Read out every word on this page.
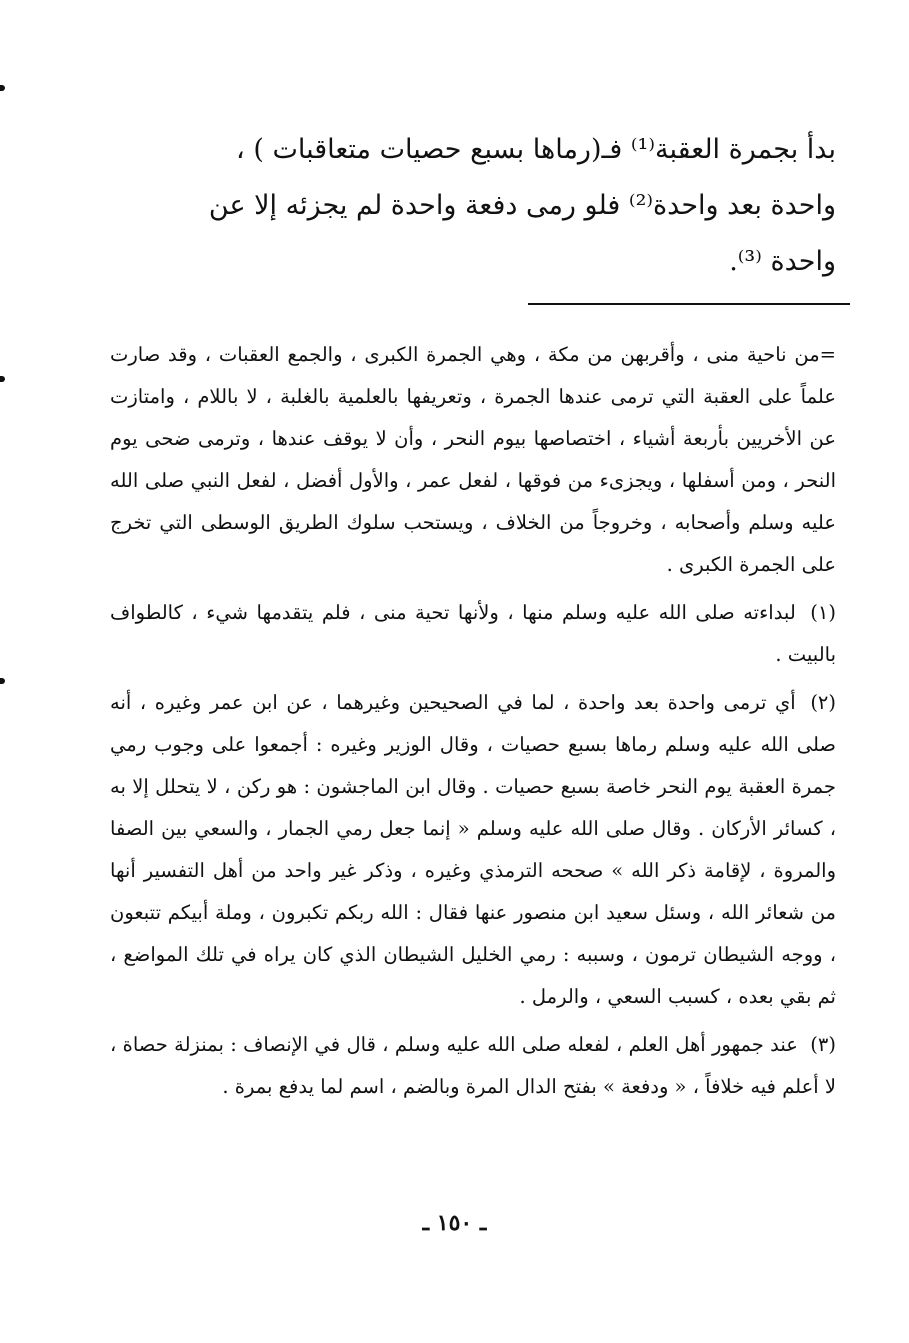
بدأ بجمرة العقبة⁽¹⁾ فـ(رماها بسبع حصيات متعاقبات ) ،

واحدة بعد واحدة⁽²⁾ فلو رمى دفعة واحدة لم يجزئه إلا عن

واحدة ⁽³⁾.

=من ناحية منى ، وأقربهن من مكة ، وهي الجمرة الكبرى ، والجمع العقبات ، وقد صارت علماً على العقبة التي ترمى عندها الجمرة ، وتعريفها بالعلمية بالغلبة ، لا باللام ، وامتازت عن الأخريين بأربعة أشياء ، اختصاصها بيوم النحر ، وأن لا يوقف عندها ، وترمى ضحى يوم النحر ، ومن أسفلها ، ويجزىء من فوقها ، لفعل عمر ، والأول أفضل ، لفعل النبي صلى الله عليه وسلم وأصحابه ، وخروجاً من الخلاف ، ويستحب سلوك الطريق الوسطى التي تخرج على الجمرة الكبرى .

(١) لبداءته صلى الله عليه وسلم منها ، ولأنها تحية منى ، فلم يتقدمها شيء ، كالطواف بالبيت .

(٢) أي ترمى واحدة بعد واحدة ، لما في الصحيحين وغيرهما ، عن ابن عمر وغيره ، أنه صلى الله عليه وسلم رماها بسبع حصيات ، وقال الوزير وغيره : أجمعوا على وجوب رمي جمرة العقبة يوم النحر خاصة بسبع حصيات . وقال ابن الماجشون : هو ركن ، لا يتحلل إلا به ، كسائر الأركان . وقال صلى الله عليه وسلم « إنما جعل رمي الجمار ، والسعي بين الصفا والمروة ، لإقامة ذكر الله » صححه الترمذي وغيره ، وذكر غير واحد من أهل التفسير أنها من شعائر الله ، وسئل سعيد ابن منصور عنها فقال : الله ربكم تكبرون ، وملة أبيكم تتبعون ، ووجه الشيطان ترمون ، وسببه : رمي الخليل الشيطان الذي كان يراه في تلك المواضع ، ثم بقي بعده ، كسبب السعي ، والرمل .

(٣) عند جمهور أهل العلم ، لفعله صلى الله عليه وسلم ، قال في الإنصاف : بمنزلة حصاة ، لا أعلم فيه خلافاً ، « ودفعة » بفتح الدال المرة وبالضم ، اسم لما يدفع بمرة .

ـ ١٥٠ ـ
